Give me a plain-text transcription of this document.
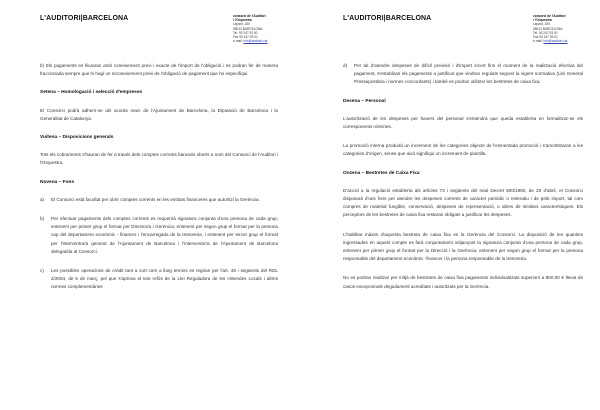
L'AUDITORI|BARCELONA	consorci de l'Auditori
i l'Orquestra
Lepant, 150
08013 BARCELONA
Tel. 93 247 93 00
Fax 93 247 93 01
e-mail: info@auditori.cat

b) Els pagaments es lliuraran amb coneixement previ i exacte de l'import de l'obligació i es podran fer de manera fraccionada sempre que hi hagi un reconeixement previ de l'obligació de pagament que ho especifiqui.

Setena – Homologació i selecció d'empreses

El Consorci podrà adherir-se als acords marc de l'Ajuntament de Barcelona, la Diputació de Barcelona i la Generalitat de Catalunya.

Vuitena – Disposicions generals

Tots els cobraments s'hauran de fer a través dels comptes corrents bancaris oberts a nom del Consorci de l'Auditori i l'Orquestra.

Novena – Fons

a)	El Consorci està facultat per obrir comptes corrents en les entitats financeres que autoritzi la Gerència.

b)	Per efectuar pagaments dels comptes corrents es requerirà signatura conjunta d'una persona de cada grup, entenent per primer grup el format per Director/a i Gerència; entenent per segon grup el format per la persona cap del departament econòmic - financer i l'encarregada de la tresoreria, i entenent per tercer grup el format per l'interventor/a general de l'Ajuntament de Barcelona i l'interventor/a de l'Ajuntament de Barcelona delegat/da al Consorci.

c)	Les possibles operacions de crèdit tant a curt com a llarg termini es regiran per l'art. 48 i següents del RDL 2/2004, de 5 de març, pel que s'aprova el text refós de la Llei Reguladora de les Hisendes Locals i altres normes complementàries

L'AUDITORI|BARCELONA	consorci de l'Auditori
i l'Orquestra
Lepant, 150
08013 BARCELONA
Tel. 93 247 93 00
Fax 93 247 93 01
e-mail: info@auditori.cat

d)	Per tal d'atendre despeses de difícil previsió i d'import incert fins el moment de la realització efectiva del pagament, s'establiran els pagaments a justificar que vindran regulats segons la vigent normativa (Llei General Pressupostària i normes concordants) i també es podran utilitzar les bestretes de caixa fixa.

Desena – Personal

L'autorització de les despeses per havers del personal s'entendrà que queda establerta en formalitzar-se els corresponents nòmines.

La promoció interna produirà un increment de les categories objecte de l'esmentada promoció i s'amortitzaran a les categories d'origen, sense que això signifiqui un increment de plantilla.

Onzena – Bestretes de Caixa Fixa

D'acord a la regulació establerta als articles 73 i següents del reial Decret 500/1990, de 20 d'abril, el Consorci disposarà d'uns fons per atendre les despeses corrents de caràcter periòdic o reiteratiu i de petit import, tal com compres de material fungible, conservació, despeses de representació, o altres de similars característiques. Els perceptors de les bestretes de caixa fixa restaran obligats a justificar les despeses.

L'habilitat màxim d'aquesta bestreta de caixa fixa es la Gerència del Consorci. La disposició de les quanties ingressades en aquest compte es farà conjuntament mitjançant la signatura conjunta d'una persona de cada grup, entenent per primer grup el format per la Direcció i la Gerència; entenent per segon grup el format per la persona responsable del departament econòmic -financer i la persona responsable de la tresoreria.

No es podran realitzar per mitjà de bestretes de caixa fixa pagaments individualitzats superiors a 900,00 € llevat de casos excepcionals degudament acreditats i autoritzats per la Gerència.
